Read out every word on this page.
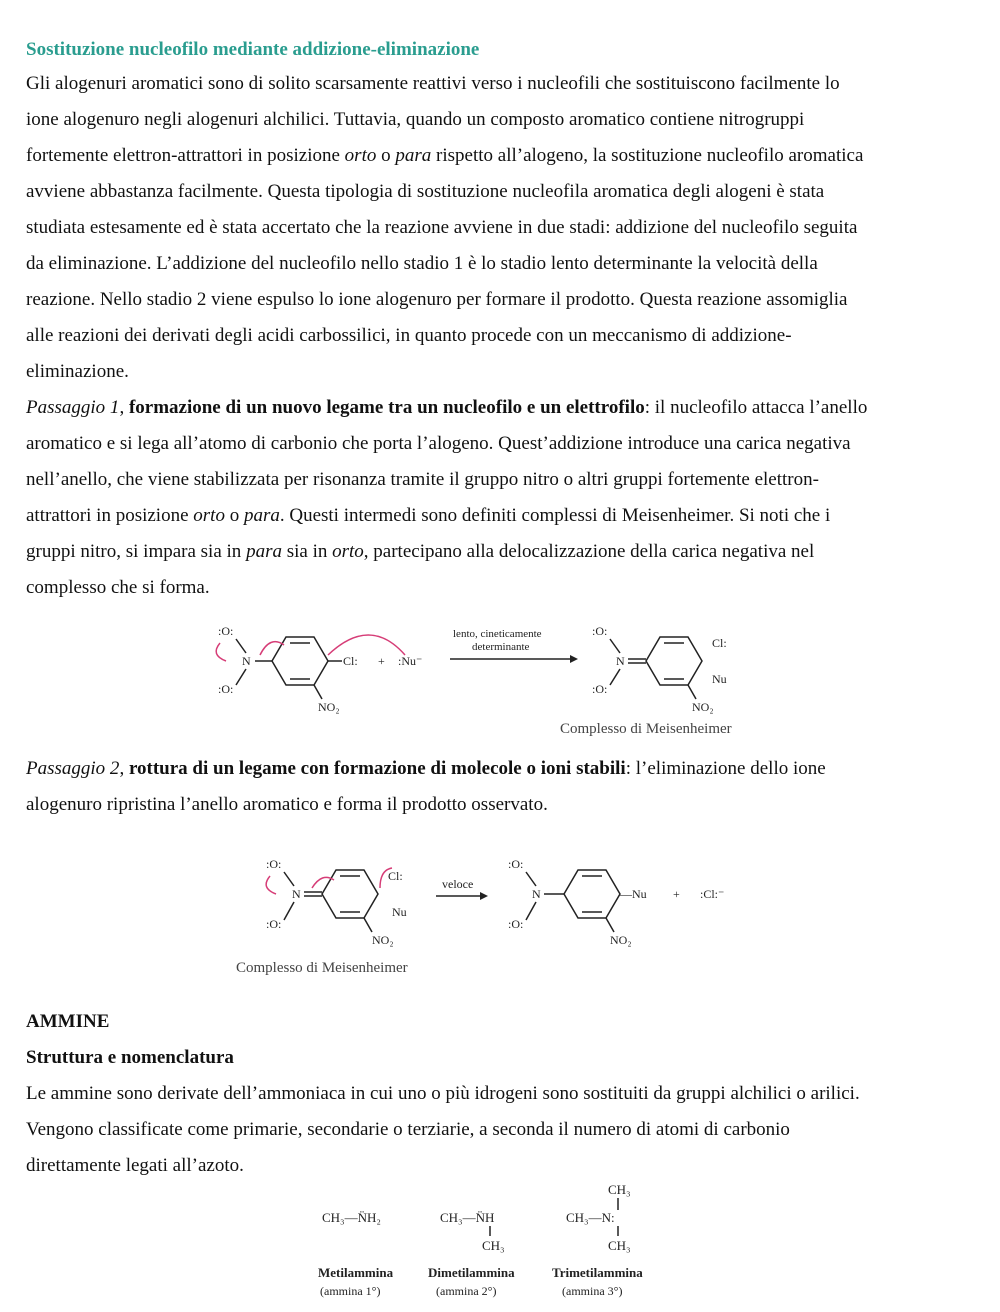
Sostituzione nucleofilo mediante addizione-eliminazione
Gli alogenuri aromatici sono di solito scarsamente reattivi verso i nucleofili che sostituiscono facilmente lo
ione alogenuro negli alogenuri alchilici. Tuttavia, quando un composto aromatico contiene nitrogruppi
fortemente elettron-attrattori in posizione orto o para rispetto all’alogeno, la sostituzione nucleofilo aromatica
avviene abbastanza facilmente. Questa tipologia di sostituzione nucleofila aromatica degli alogeni è stata
studiata estesamente ed è stata accertato che la reazione avviene in due stadi: addizione del nucleofilo seguita
da eliminazione. L’addizione del nucleofilo nello stadio 1 è lo stadio lento determinante la velocità della
reazione. Nello stadio 2 viene espulso lo ione alogenuro per formare il prodotto. Questa reazione assomiglia
alle reazioni dei derivati degli acidi carbossilici, in quanto procede con un meccanismo di addizione-
eliminazione.
Passaggio 1, formazione di un nuovo legame tra un nucleofilo e un elettrofilo: il nucleofilo attacca l’anello
aromatico e si lega all’atomo di carbonio che porta l’alogeno. Quest’addizione introduce una carica negativa
nell’anello, che viene stabilizzata per risonanza tramite il gruppo nitro o altri gruppi fortemente elettron-
attrattori in posizione orto o para. Questi intermedi sono definiti complessi di Meisenheimer. Si noti che i
gruppi nitro, si impara sia in para sia in orto, partecipano alla delocalizzazione della carica negativa nel
complesso che si forma.
:O:
:O:
N	Cl:
NO₂
+ :Nu⁻
lento, cineticamente
determinante
:O:
:O:
N
Cl:
Nu
NO₂
Complesso di Meisenheimer
Passaggio 2, rottura di un legame con formazione di molecole o ioni stabili: l’eliminazione dello ione
alogenuro ripristina l’anello aromatico e forma il prodotto osservato.
:O:
:O:
N
Cl:
Nu
NO₂
veloce
:O:
:O:
N	—Nu
NO₂
+ :Cl:⁻
Complesso di Meisenheimer
AMMINE
Struttura e nomenclatura
Le ammine sono derivate dell’ammoniaca in cui uno o più idrogeni sono sostituiti da gruppi alchilici o arilici.
Vengono classificate come primarie, secondarie o terziarie, a seconda il numero di atomi di carbonio
direttamente legati all’azoto.
CH₃—N̈H₂
Metilammina
(ammina 1°)
CH₃—N̈H
CH₃
Dimetilammina
(ammina 2°)
CH₃
CH₃—N:
CH₃
Trimetilammina
(ammina 3°)
